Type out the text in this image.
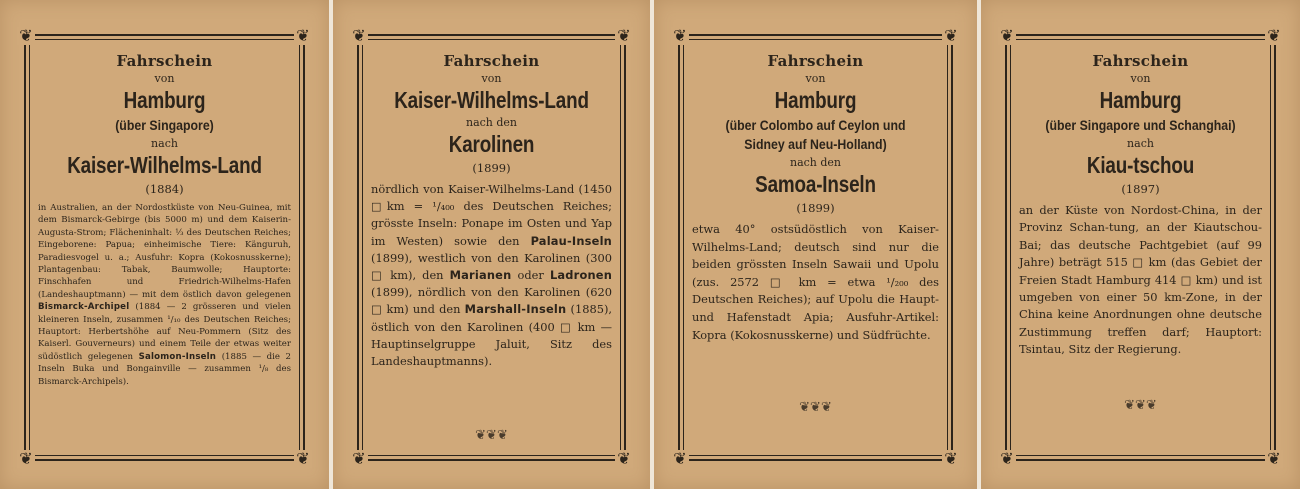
❦	❦
❦	❦
Fahrschein
von
Hamburg
(über Singapore)
nach
Kaiser-Wilhelms-Land
(1884)
in Australien, an der Nordostküste von Neu-Guinea, mit dem Bismarck-Gebirge (bis 5000 m) und dem Kaiserin-Augusta-Strom; Flächeninhalt: ⅓ des Deutschen Reiches; Eingeborene: Papua; einheimische Tiere: Känguruh, Paradiesvogel u. a.; Ausfuhr: Kopra (Kokosnusskerne); Plantagenbau: Tabak, Baumwolle; Hauptorte: Finschhafen und Friedrich-Wilhelms-Hafen (Landeshauptmann) — mit dem östlich davon gelegenen Bismarck-Archipel (1884 — 2 grösseren und vielen kleineren Inseln, zusammen ¹/₁₀ des Deutschen Reiches; Hauptort: Herbertshöhe auf Neu-Pommern (Sitz des Kaiserl. Gouverneurs) und einem Teile der etwas weiter südöstlich gelegenen Salomon-Inseln (1885 — die 2 Inseln Buka und Bongainville — zusammen ¹/₈ des Bismarck-Archipels).
❦	❦
❦	❦
Fahrschein
von
Kaiser-Wilhelms-Land
nach den
Karolinen
(1899)
nördlich von Kaiser-Wilhelms-Land (1450 □km = ¹/₄₀₀ des Deutschen Reiches; grösste Inseln: Ponape im Osten und Yap im Westen) sowie den Palau-Inseln (1899), westlich von den Karolinen (300 □ km), den Marianen oder Ladronen (1899), nördlich von den Karolinen (620 □ km) und den Marshall-Inseln (1885), östlich von den Karolinen (400 □ km — Hauptinselgruppe Jaluit, Sitz des Landeshauptmanns).
❦❦❦
❦	❦
❦	❦
Fahrschein
von
Hamburg
(über Colombo auf Ceylon und
Sidney auf Neu-Holland)
nach den
Samoa-Inseln
(1899)
etwa 40° ostsüdöstlich von Kaiser-Wilhelms-Land; deutsch sind nur die beiden grössten Inseln Sawaii und Upolu (zus. 2572 □ km = etwa ¹/₂₀₀ des Deutschen Reiches); auf Upolu die Haupt- und Hafenstadt Apia; Ausfuhr-Artikel: Kopra (Kokosnusskerne) und Südfrüchte.
❦❦❦
❦	❦
❦	❦
Fahrschein
von
Hamburg
(über Singapore und Schanghai)
nach
Kiau-tschou
(1897)
an der Küste von Nordost-China, in der Provinz Schan-tung, an der Kiautschou-Bai; das deutsche Pachtgebiet (auf 99 Jahre) beträgt 515 □ km (das Gebiet der Freien Stadt Hamburg 414 □ km) und ist umgeben von einer 50 km-Zone, in der China keine Anordnungen ohne deutsche Zustimmung treffen darf; Hauptort: Tsintau, Sitz der Regierung.
❦❦❦
